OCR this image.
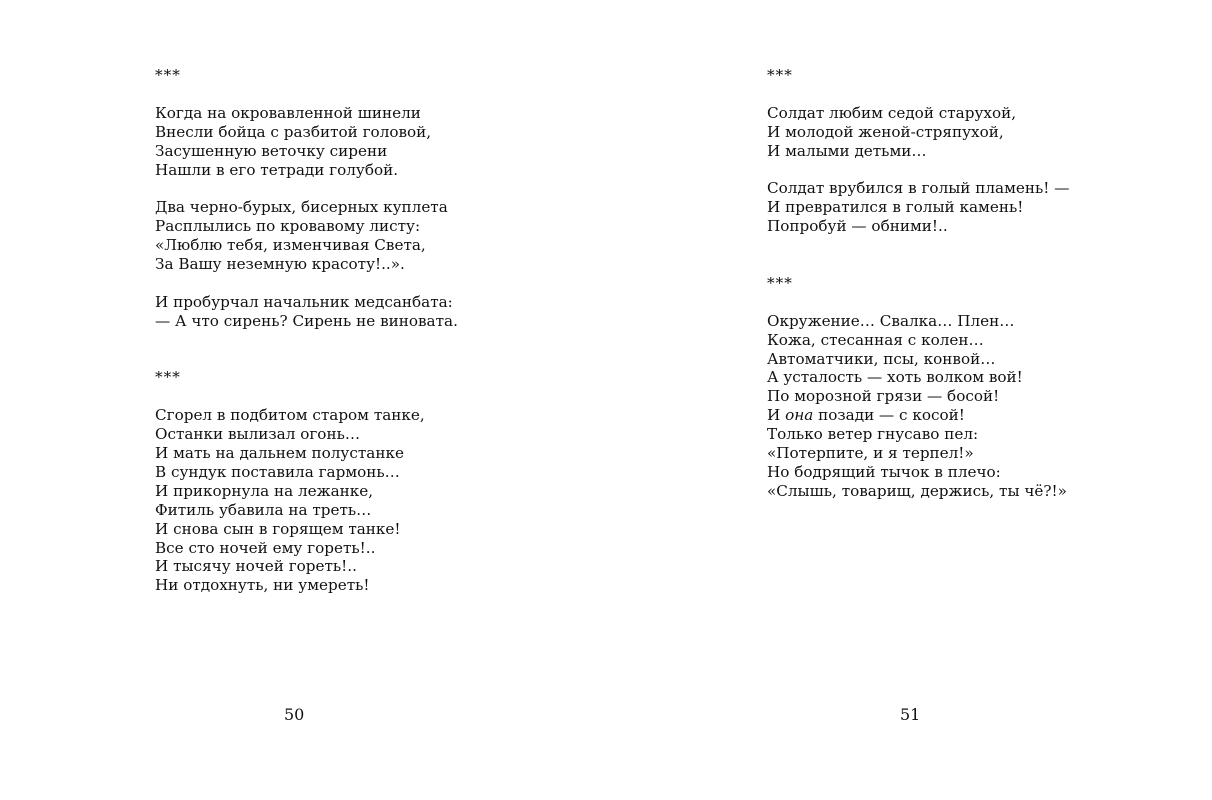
***
Когда на окровавленной шинели
Внесли бойца с разбитой головой,
Засушенную веточку сирени
Нашли в его тетради голубой.
Два черно-бурых, бисерных куплета
Расплылись по кровавому листу:
«Люблю тебя, изменчивая Света,
За Вашу неземную красоту!..».
И пробурчал начальник медсанбата:
— А что сирень? Сирень не виновата.
***
Сгорел в подбитом старом танке,
Останки вылизал огонь…
И мать на дальнем полустанке
В сундук поставила гармонь…
И прикорнула на лежанке,
Фитиль убавила на треть…
И снова сын в горящем танке!
Все сто ночей ему гореть!..
И тысячу ночей гореть!..
Ни отдохнуть, ни умереть!
50
***
Солдат любим седой старухой,
И молодой женой-стряпухой,
И малыми детьми…
Солдат врубился в голый пламень! —
И превратился в голый камень!
Попробуй — обними!..
***
Окружение… Свалка… Плен…
Кожа, стесанная с колен…
Автоматчики, псы, конвой…
А усталость — хоть волком вой!
По морозной грязи — босой!
И она позади — с косой!
Только ветер гнусаво пел:
«Потерпите, и я терпел!»
Но бодрящий тычок в плечо:
«Слышь, товарищ, держись, ты чё?!»
51
